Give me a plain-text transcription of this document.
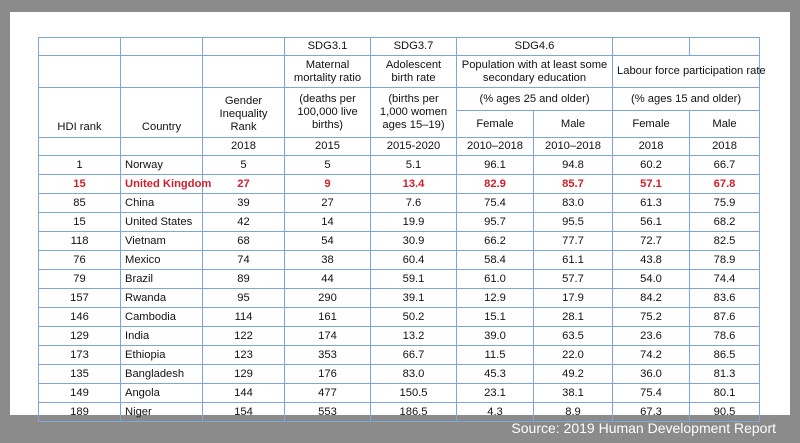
			SDG3.1	SDG3.7	SDG4.6			
			Maternal mortality ratio	Adolescent birth rate	Population with at least some secondary education		Labour force participation rate	
HDI rank	Country	Gender Inequality Rank	(deaths per 100,000 live births)	(births per 1,000 women ages 15–19)	(% ages 25 and older)		(% ages 15 and older)	
					Female	Male	Female	Male
		2018	2015	2015-2020	2010–2018	2010–2018	2018	2018
1	Norway	5	5	5.1	96.1	94.8	60.2	66.7
15	United Kingdom	27	9	13.4	82.9	85.7	57.1	67.8
85	China	39	27	7.6	75.4	83.0	61.3	75.9
15	United States	42	14	19.9	95.7	95.5	56.1	68.2
118	Vietnam	68	54	30.9	66.2	77.7	72.7	82.5
76	Mexico	74	38	60.4	58.4	61.1	43.8	78.9
79	Brazil	89	44	59.1	61.0	57.7	54.0	74.4
157	Rwanda	95	290	39.1	12.9	17.9	84.2	83.6
146	Cambodia	114	161	50.2	15.1	28.1	75.2	87.6
129	India	122	174	13.2	39.0	63.5	23.6	78.6
173	Ethiopia	123	353	66.7	11.5	22.0	74.2	86.5
135	Bangladesh	129	176	83.0	45.3	49.2	36.0	81.3
149	Angola	144	477	150.5	23.1	38.1	75.4	80.1
189	Niger	154	553	186.5	4.3	8.9	67.3	90.5
Source: 2019 Human Development Report
